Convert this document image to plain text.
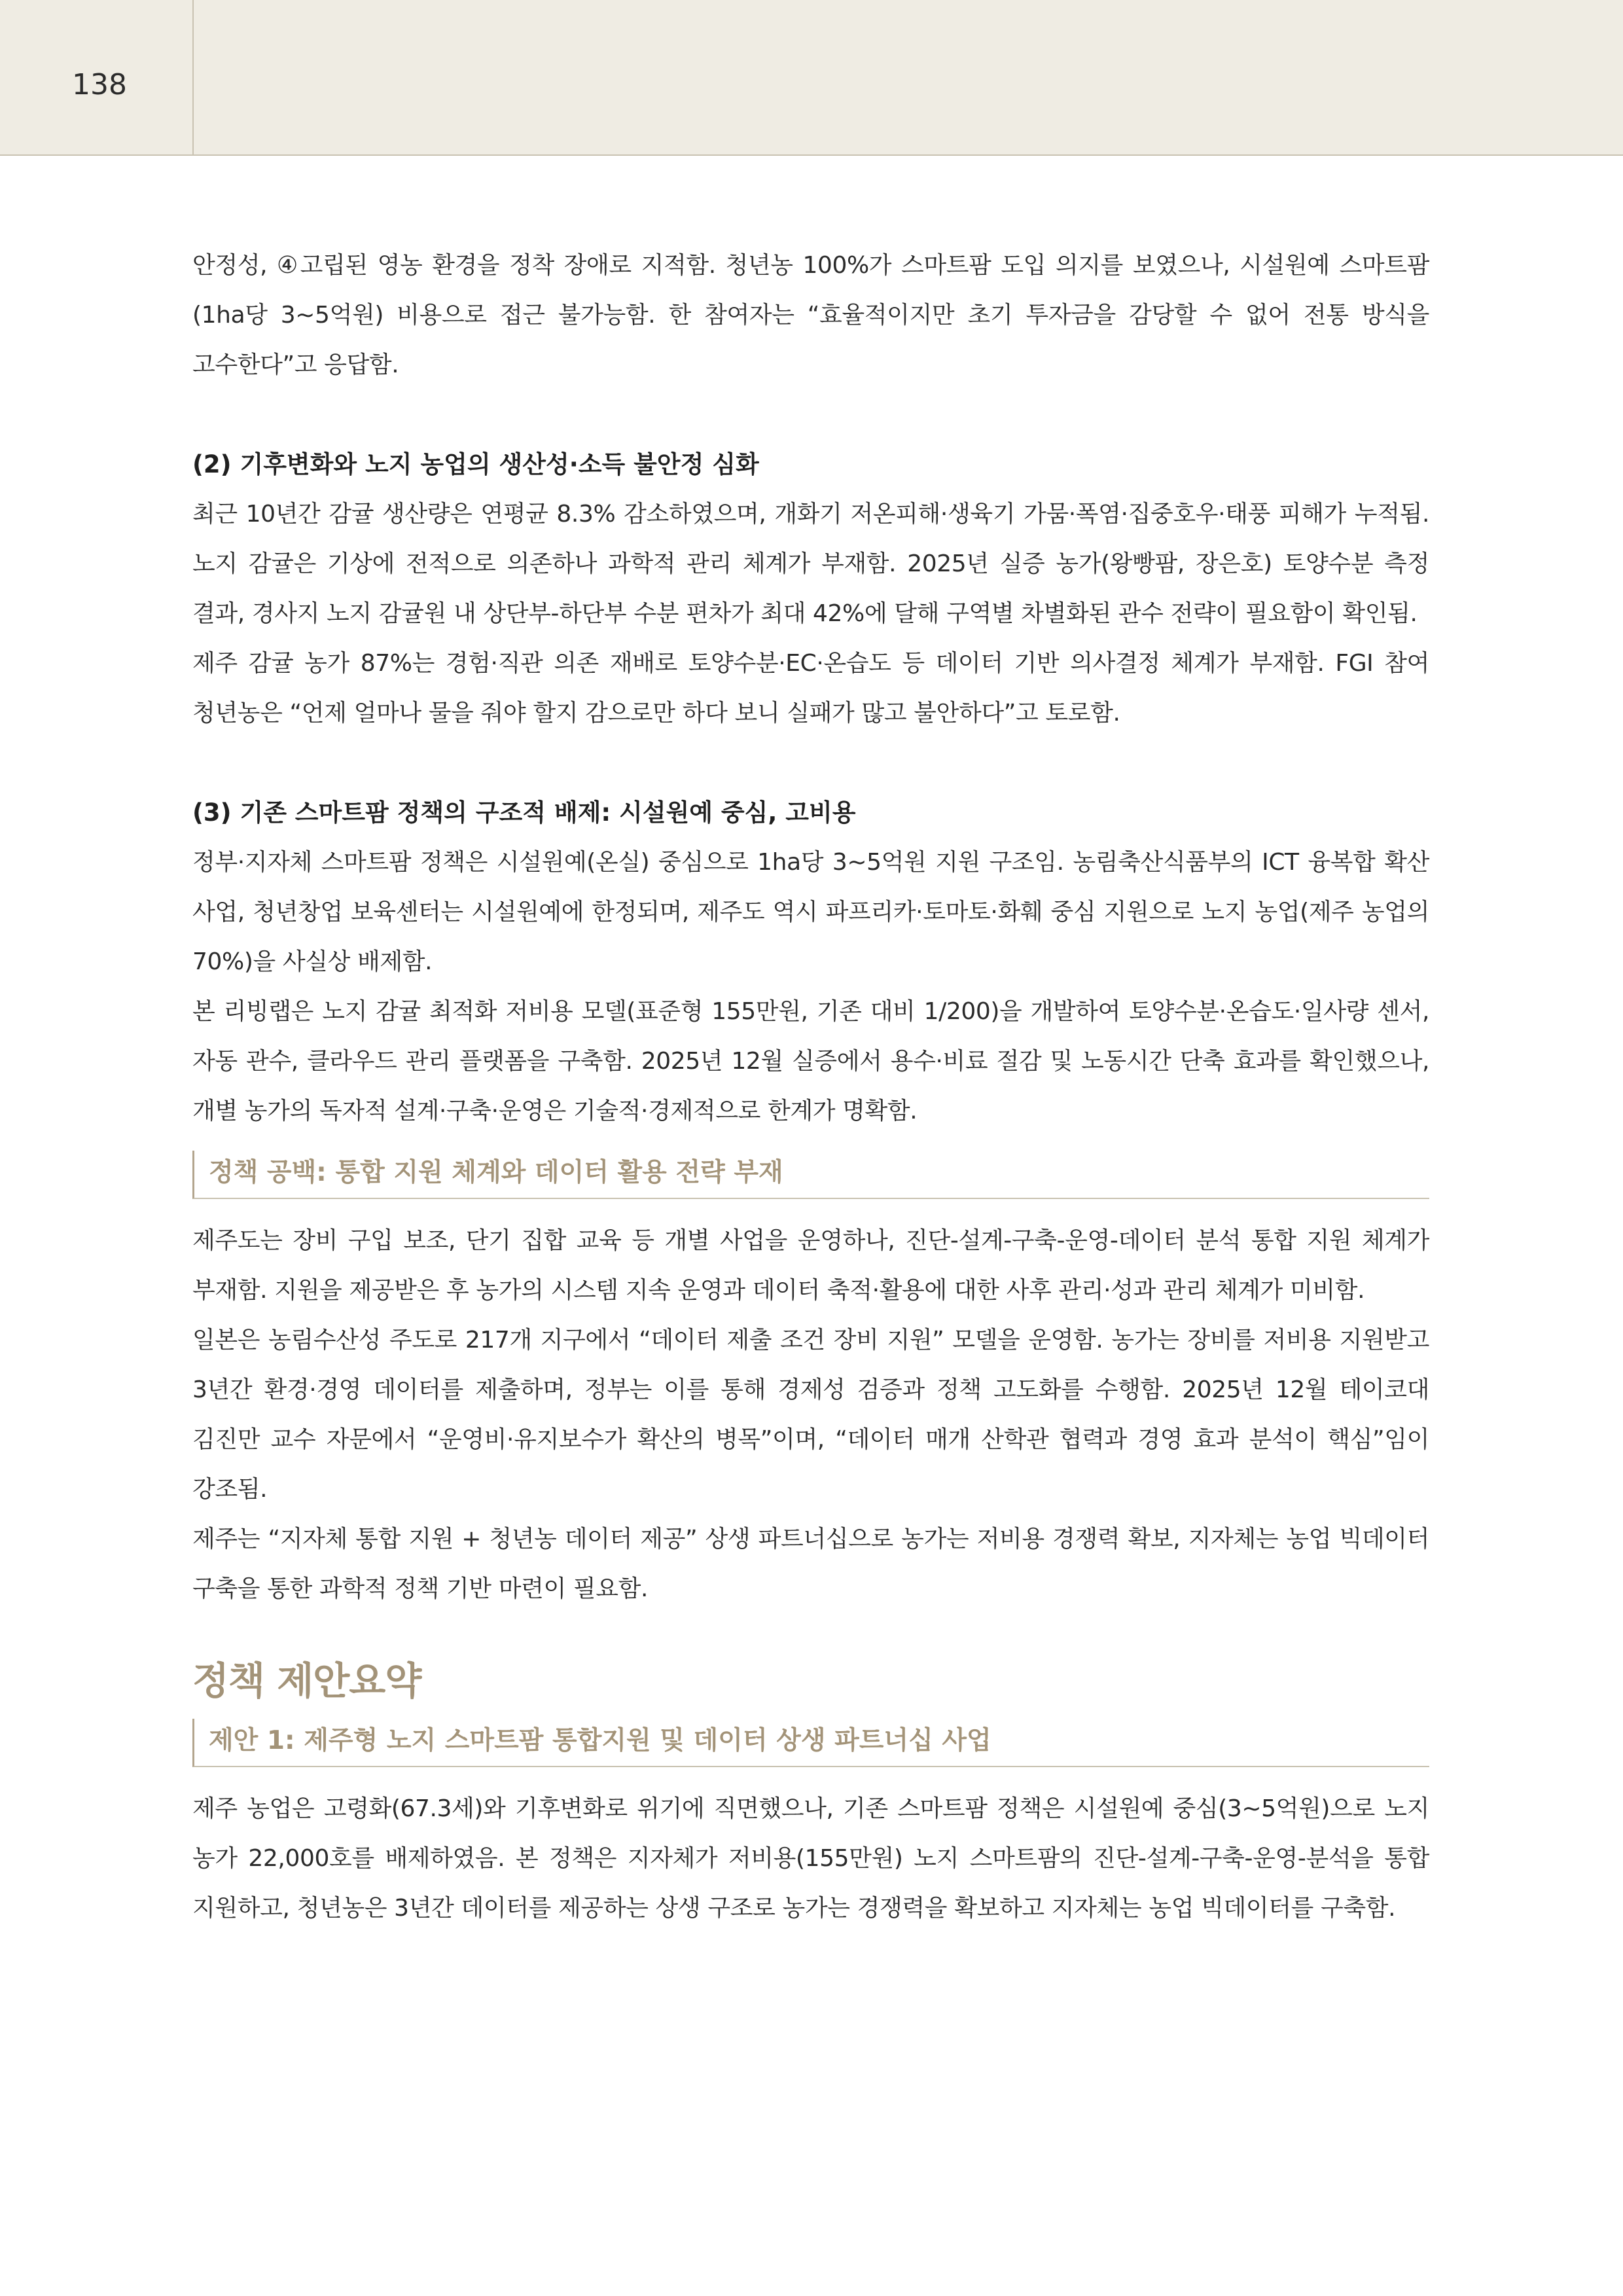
138

안정성, ④고립된 영농 환경을 정착 장애로 지적함. 청년농 100%가 스마트팜 도입 의지를 보였으나, 시설원예 스마트팜(1ha당 3~5억원) 비용으로 접근 불가능함. 한 참여자는 “효율적이지만 초기 투자금을 감당할 수 없어 전통 방식을 고수한다”고 응답함.

(2) 기후변화와 노지 농업의 생산성·소득 불안정 심화

최근 10년간 감귤 생산량은 연평균 8.3% 감소하였으며, 개화기 저온피해·생육기 가뭄·폭염·집중호우·태풍 피해가 누적됨. 노지 감귤은 기상에 전적으로 의존하나 과학적 관리 체계가 부재함. 2025년 실증 농가(왕빵팜, 장은호) 토양수분 측정 결과, 경사지 노지 감귤원 내 상단부-하단부 수분 편차가 최대 42%에 달해 구역별 차별화된 관수 전략이 필요함이 확인됨.

제주 감귤 농가 87%는 경험·직관 의존 재배로 토양수분·EC·온습도 등 데이터 기반 의사결정 체계가 부재함. FGI 참여 청년농은 “언제 얼마나 물을 줘야 할지 감으로만 하다 보니 실패가 많고 불안하다”고 토로함.

(3) 기존 스마트팜 정책의 구조적 배제: 시설원예 중심, 고비용

정부·지자체 스마트팜 정책은 시설원예(온실) 중심으로 1ha당 3~5억원 지원 구조임. 농림축산식품부의 ICT 융복합 확산 사업, 청년창업 보육센터는 시설원예에 한정되며, 제주도 역시 파프리카·토마토·화훼 중심 지원으로 노지 농업(제주 농업의 70%)을 사실상 배제함.

본 리빙랩은 노지 감귤 최적화 저비용 모델(표준형 155만원, 기존 대비 1/200)을 개발하여 토양수분·온습도·일사량 센서, 자동 관수, 클라우드 관리 플랫폼을 구축함. 2025년 12월 실증에서 용수·비료 절감 및 노동시간 단축 효과를 확인했으나, 개별 농가의 독자적 설계·구축·운영은 기술적·경제적으로 한계가 명확함.

정책 공백: 통합 지원 체계와 데이터 활용 전략 부재

제주도는 장비 구입 보조, 단기 집합 교육 등 개별 사업을 운영하나, 진단-설계-구축-운영-데이터 분석 통합 지원 체계가 부재함. 지원을 제공받은 후 농가의 시스템 지속 운영과 데이터 축적·활용에 대한 사후 관리·성과 관리 체계가 미비함.

일본은 농림수산성 주도로 217개 지구에서 “데이터 제출 조건 장비 지원” 모델을 운영함. 농가는 장비를 저비용 지원받고 3년간 환경·경영 데이터를 제출하며, 정부는 이를 통해 경제성 검증과 정책 고도화를 수행함. 2025년 12월 테이코대 김진만 교수 자문에서 “운영비·유지보수가 확산의 병목”이며, “데이터 매개 산학관 협력과 경영 효과 분석이 핵심”임이 강조됨.

제주는 “지자체 통합 지원 + 청년농 데이터 제공” 상생 파트너십으로 농가는 저비용 경쟁력 확보, 지자체는 농업 빅데이터 구축을 통한 과학적 정책 기반 마련이 필요함.

정책 제안요약
제안 1: 제주형 노지 스마트팜 통합지원 및 데이터 상생 파트너십 사업

제주 농업은 고령화(67.3세)와 기후변화로 위기에 직면했으나, 기존 스마트팜 정책은 시설원예 중심(3~5억원)으로 노지 농가 22,000호를 배제하였음. 본 정책은 지자체가 저비용(155만원) 노지 스마트팜의 진단-설계-구축-운영-분석을 통합 지원하고, 청년농은 3년간 데이터를 제공하는 상생 구조로 농가는 경쟁력을 확보하고 지자체는 농업 빅데이터를 구축함.
